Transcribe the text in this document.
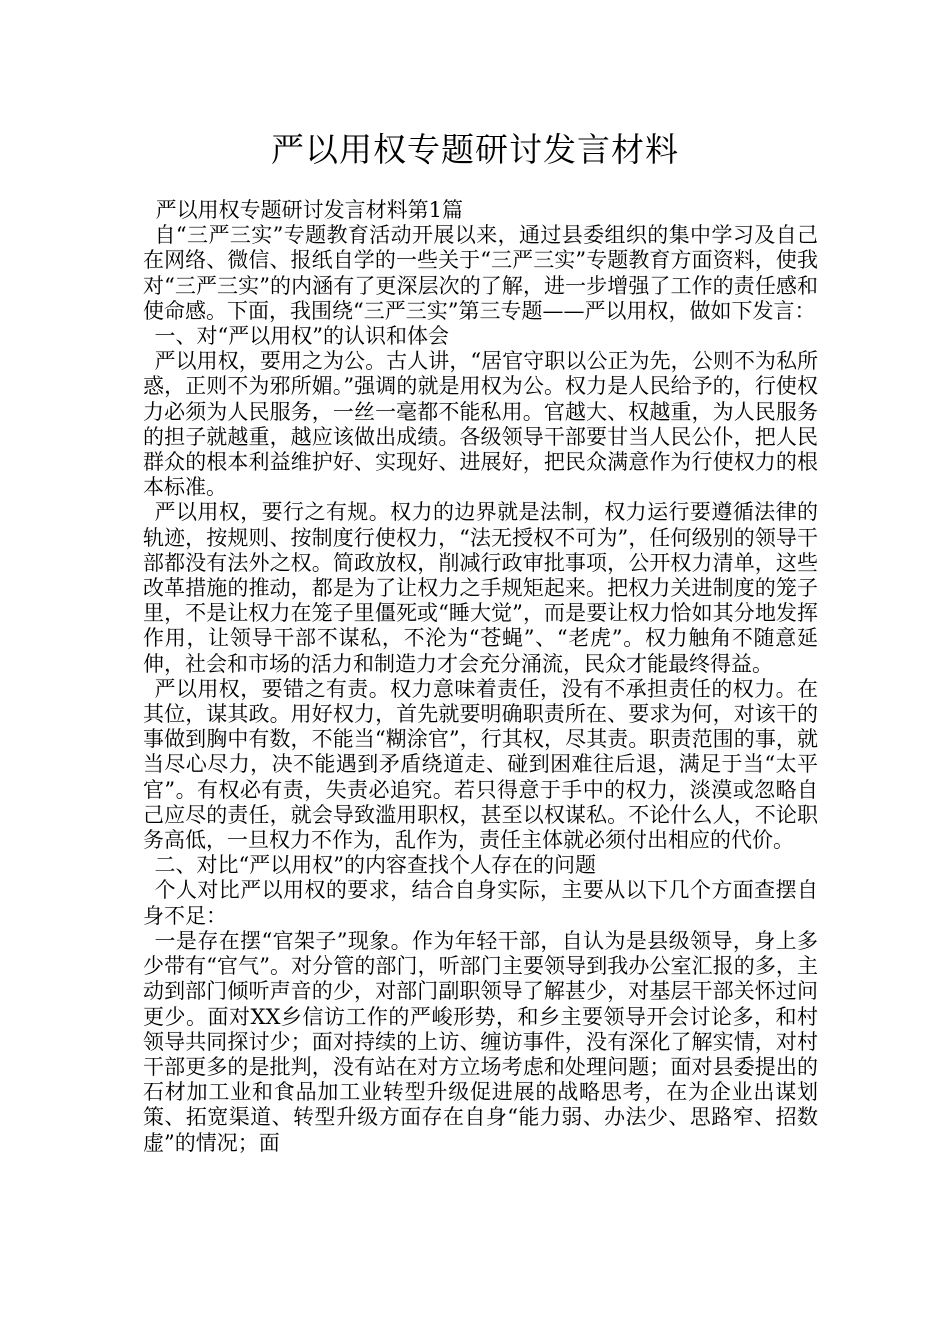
严以用权专题研讨发言材料

严以用权专题研讨发言材料第1篇

自“三严三实”专题教育活动开展以来，通过县委组织的集中学习及自己在网络、微信、报纸自学的一些关于“三严三实”专题教育方面资料，使我对“三严三实”的内涵有了更深层次的了解，进一步增强了工作的责任感和使命感。下面，我围绕“三严三实”第三专题——严以用权，做如下发言：

一、对“严以用权”的认识和体会

严以用权，要用之为公。古人讲，“居官守职以公正为先，公则不为私所惑，正则不为邪所媚。”强调的就是用权为公。权力是人民给予的，行使权力必须为人民服务，一丝一毫都不能私用。官越大、权越重，为人民服务的担子就越重，越应该做出成绩。各级领导干部要甘当人民公仆，把人民群众的根本利益维护好、实现好、进展好，把民众满意作为行使权力的根本标准。

严以用权，要行之有规。权力的边界就是法制，权力运行要遵循法律的轨迹，按规则、按制度行使权力，“法无授权不可为”，任何级别的领导干部都没有法外之权。简政放权，削减行政审批事项，公开权力清单，这些改革措施的推动，都是为了让权力之手规矩起来。把权力关进制度的笼子里，不是让权力在笼子里僵死或“睡大觉”，而是要让权力恰如其分地发挥作用，让领导干部不谋私，不沦为“苍蝇”、“老虎”。权力触角不随意延伸，社会和市场的活力和制造力才会充分涌流，民众才能最终得益。

严以用权，要错之有责。权力意味着责任，没有不承担责任的权力。在其位，谋其政。用好权力，首先就要明确职责所在、要求为何，对该干的事做到胸中有数，不能当“糊涂官”，行其权，尽其责。职责范围的事，就当尽心尽力，决不能遇到矛盾绕道走、碰到困难往后退，满足于当“太平官”。有权必有责，失责必追究。若只得意于手中的权力，淡漠或忽略自己应尽的责任，就会导致滥用职权，甚至以权谋私。不论什么人，不论职务高低，一旦权力不作为，乱作为，责任主体就必须付出相应的代价。

二、对比“严以用权”的内容查找个人存在的问题

个人对比严以用权的要求，结合自身实际，主要从以下几个方面查摆自身不足：

一是存在摆“官架子”现象。作为年轻干部，自认为是县级领导，身上多少带有“官气”。对分管的部门，听部门主要领导到我办公室汇报的多，主动到部门倾听声音的少，对部门副职领导了解甚少，对基层干部关怀过问更少。面对XX乡信访工作的严峻形势，和乡主要领导开会讨论多，和村领导共同探讨少；面对持续的上访、缠访事件，没有深化了解实情，对村干部更多的是批判，没有站在对方立场考虑和处理问题；面对县委提出的石材加工业和食品加工业转型升级促进展的战略思考，在为企业出谋划策、拓宽渠道、转型升级方面存在自身“能力弱、办法少、思路窄、招数虚”的情况；面
